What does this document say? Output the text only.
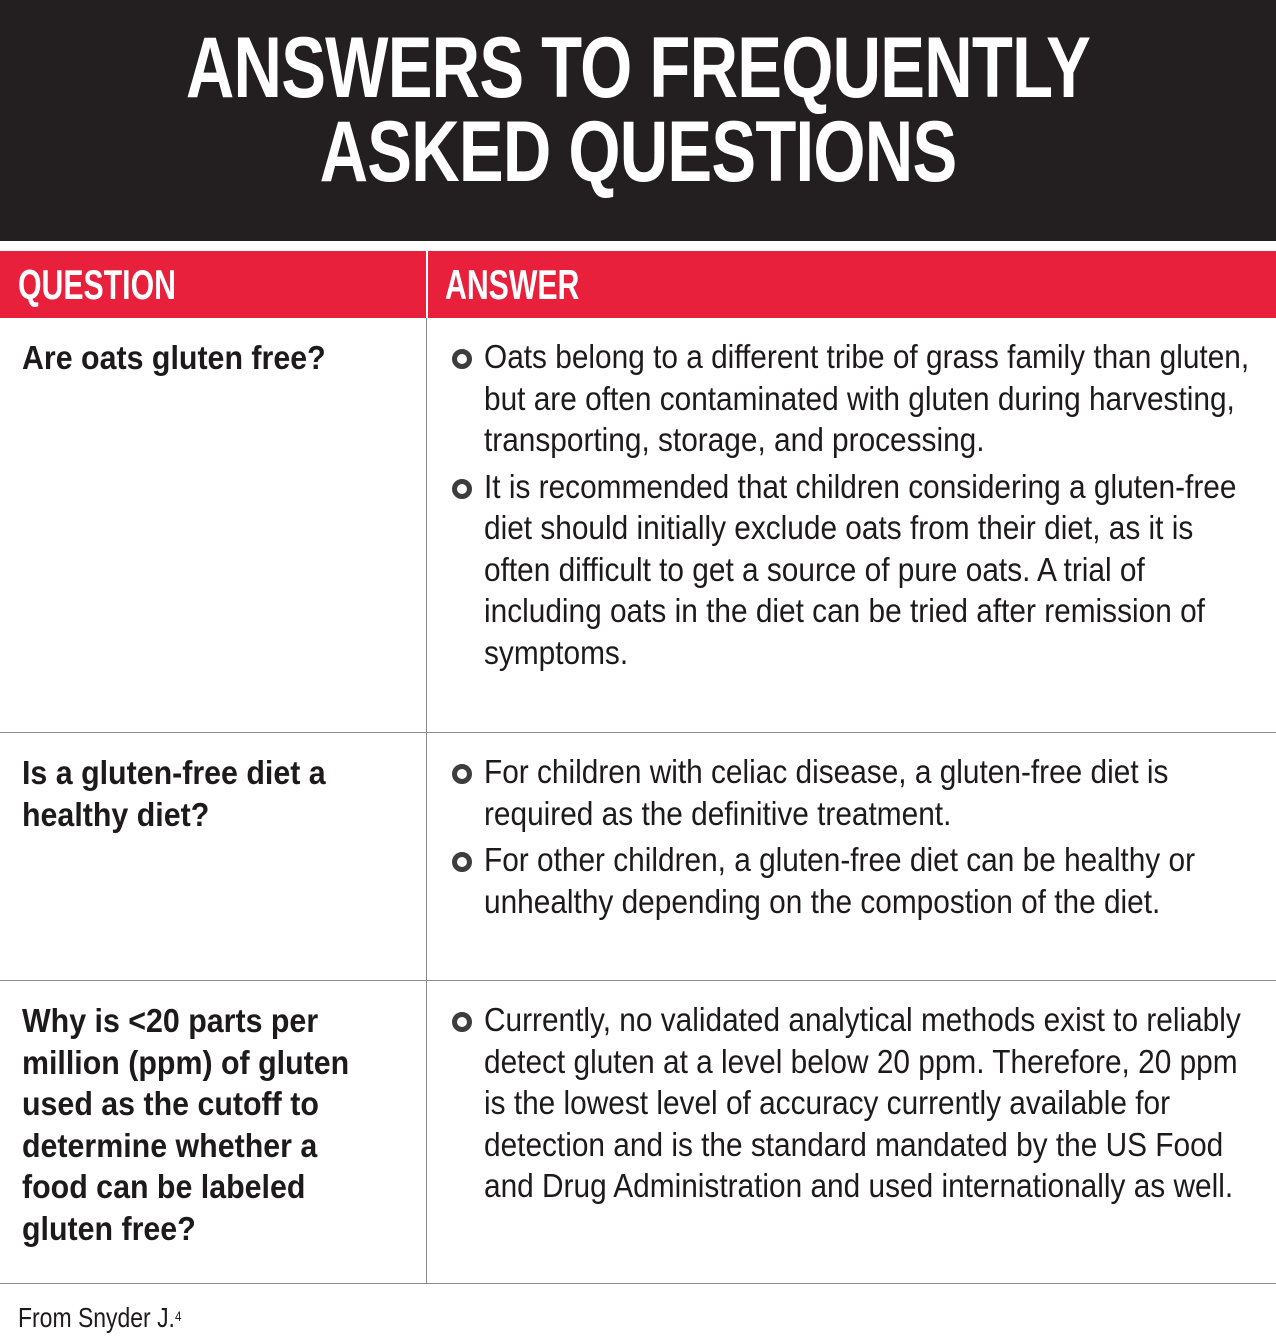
ANSWERS TO FREQUENTLY
ASKED QUESTIONS
QUESTION	ANSWER
Are oats gluten free?	Oats belong to a different tribe of grass family than gluten, but are often contaminated with gluten during harvesting, transporting, storage, and processing.
It is recommended that children considering a gluten-free diet should initially exclude oats from their diet, as it is often difficult to get a source of pure oats. A trial of including oats in the diet can be tried after remission of symptoms.
Is a gluten-free diet a healthy diet?
For children with celiac disease, a gluten-free diet is required as the definitive treatment.
For other children, a gluten-free diet can be healthy or unhealthy depending on the compostion of the diet.
Why is <20 parts per million (ppm) of gluten used as the cutoff to determine whether a food can be labeled gluten free?
Currently, no validated analytical methods exist to reliably detect gluten at a level below 20 ppm. Therefore, 20 ppm is the lowest level of accuracy currently available for detection and is the standard mandated by the US Food and Drug Administration and used internationally as well.
From Snyder J.$^4$
